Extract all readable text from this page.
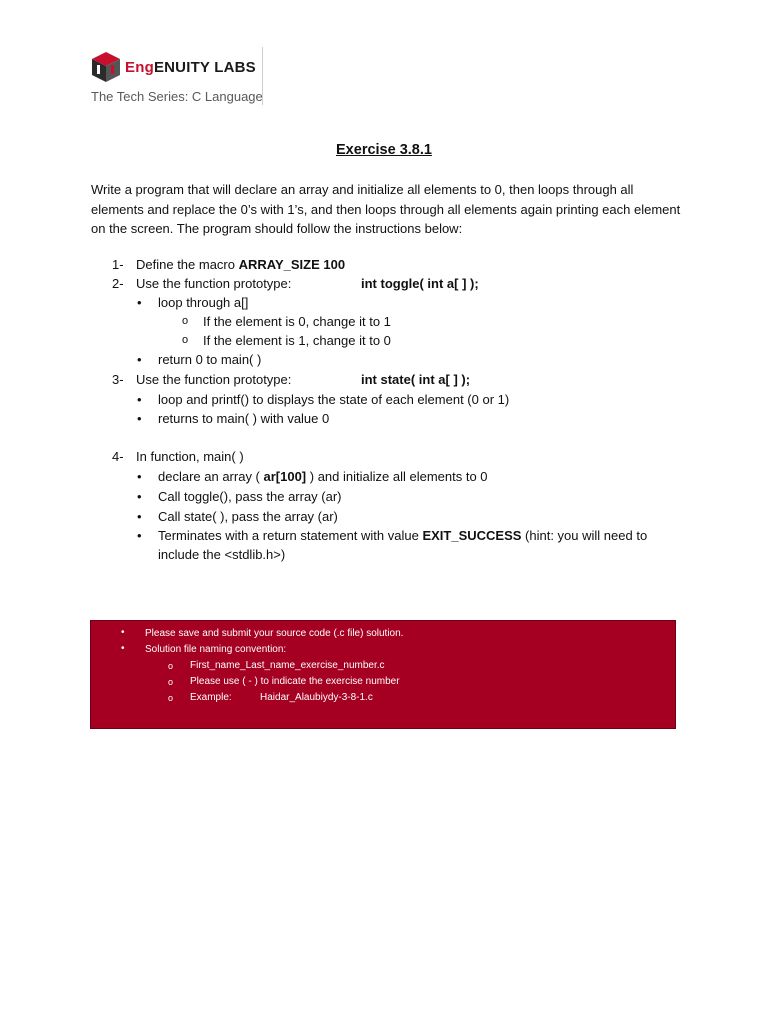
EngENUITY LABS
The Tech Series: C Language
Exercise 3.8.1
Write a program that will declare an array and initialize all elements to 0, then loops through all elements and replace the 0’s with 1’s, and then loops through all elements again printing each element on the screen. The program should follow the instructions below:
1- Define the macro ARRAY_SIZE 100
2- Use the function prototype:	int toggle( int a[ ] );
• loop through a[]
o If the element is 0, change it to 1
o If the element is 1, change it to 0
• return 0 to main( )
3- Use the function prototype:	int state( int a[ ] );
• loop and printf() to displays the state of each element (0 or 1)
• returns to main( ) with value 0
4- In function, main( )
• declare an array ( ar[100] ) and initialize all elements to 0
• Call toggle(), pass the array (ar)
• Call state( ), pass the array (ar)
• Terminates with a return statement with value EXIT_SUCCESS (hint: you will need to
include the <stdlib.h>)
• Please save and submit your source code (.c file) solution.
• Solution file naming convention:
o First_name_Last_name_exercise_number.c
o Please use ( - ) to indicate the exercise number
o Example:	Haidar_Alaubiydy-3-8-1.c
